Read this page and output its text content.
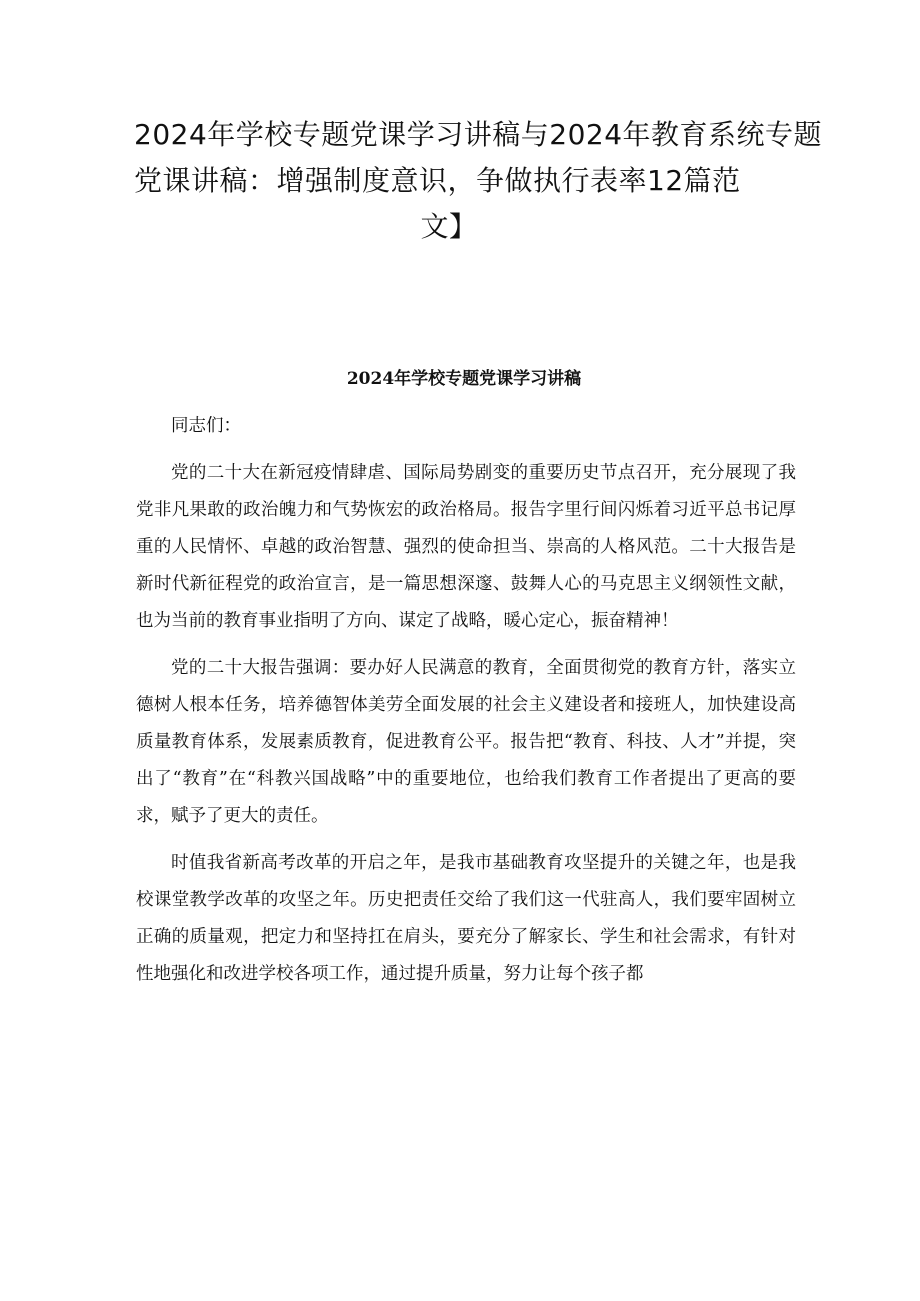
2024年学校专题党课学习讲稿与2024年教育系统专题
党课讲稿：增强制度意识，争做执行表率12篇范
文】
2024年学校专题党课学习讲稿

同志们：

党的二十大在新冠疫情肆虐、国际局势剧变的重要历史节点召开，充分展现了我党非凡果敢的政治魄力和气势恢宏的政治格局。报告字里行间闪烁着习近平总书记厚重的人民情怀、卓越的政治智慧、强烈的使命担当、崇高的人格风范。二十大报告是新时代新征程党的政治宣言，是一篇思想深邃、鼓舞人心的马克思主义纲领性文献，也为当前的教育事业指明了方向、谋定了战略，暖心定心，振奋精神！

党的二十大报告强调：要办好人民满意的教育，全面贯彻党的教育方针，落实立德树人根本任务，培养德智体美劳全面发展的社会主义建设者和接班人，加快建设高质量教育体系，发展素质教育，促进教育公平。报告把“教育、科技、人才”并提，突出了“教育”在“科教兴国战略”中的重要地位，也给我们教育工作者提出了更高的要求，赋予了更大的责任。

时值我省新高考改革的开启之年，是我市基础教育攻坚提升的关键之年，也是我校课堂教学改革的攻坚之年。历史把责任交给了我们这一代驻高人，我们要牢固树立正确的质量观，把定力和坚持扛在肩头，要充分了解家长、学生和社会需求，有针对性地强化和改进学校各项工作，通过提升质量，努力让每个孩子都
